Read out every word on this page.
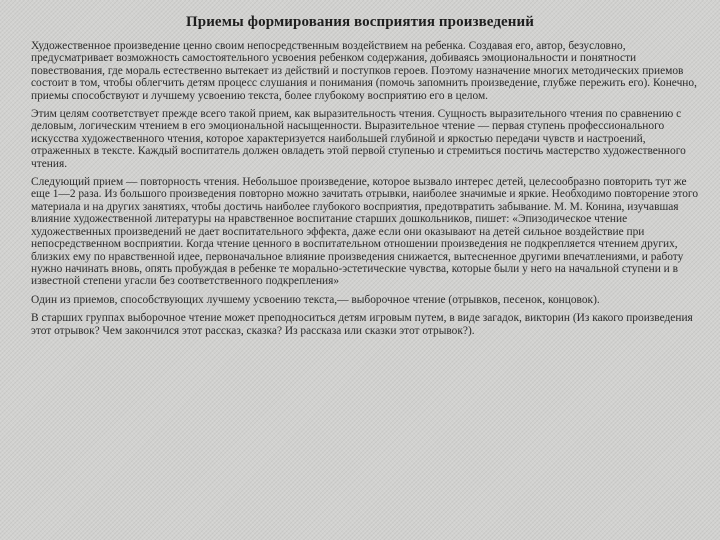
Приемы формирования восприятия произведений

Художественное произведение ценно своим непосредственным воздействием на ребенка. Создавая его, автор, безусловно, предусматривает возможность самостоятельного усвоения ребенком содержания, добиваясь эмоциональности и понятности повествования, где мораль естественно вытекает из действий и поступков героев. Поэтому назначение многих методических приемов состоит в том, чтобы облегчить детям процесс слушания и понимания (помочь запомнить произведение, глубже пережить его). Конечно, приемы способствуют и лучшему усвоению текста, более глубокому восприятию его в целом.

Этим целям соответствует прежде всего такой прием, как выразительность чтения. Сущность выразительного чтения по сравнению с деловым, логическим чтением в его эмоциональной насыщенности. Выразительное чтение — первая ступень профессионального искусства художественного чтения, которое характеризуется наибольшей глубиной и яркостью передачи чувств и настроений, отраженных в тексте. Каждый воспитатель должен овладеть этой первой ступенью и стремиться постичь мастерство художественного чтения.

Следующий прием — повторность чтения. Небольшое произведение, которое вызвало интерес детей, целесообразно повторить тут же еще 1—2 раза. Из большого произведения повторно можно зачитать отрывки, наиболее значимые и яркие. Необходимо повторение этого материала и на других занятиях, чтобы достичь наиболее глубокого восприятия, предотвратить забывание. М. М. Конина, изучавшая влияние художественной литературы на нравственное воспитание старших дошкольников, пишет: «Эпизодическое чтение художественных произведений не дает воспитательного эффекта, даже если они оказывают на детей сильное воздействие при непосредственном восприятии. Когда чтение ценного в воспитательном отношении произведения не подкрепляется чтением других, близких ему по нравственной идее, первоначальное влияние произведения снижается, вытесненное другими впечатлениями, и работу нужно начинать вновь, опять пробуждая в ребенке те морально-эстетические чувства, которые были у него на начальной ступени и в известной степени угасли без соответственного подкрепления»

Один из приемов, способствующих лучшему усвоению текста,— выборочное чтение (отрывков, песенок, концовок).

В старших группах выборочное чтение может преподноситься детям игровым путем, в виде загадок, викторин (Из какого произведения этот отрывок? Чем закончился этот рассказ, сказка? Из рассказа или сказки этот отрывок?).
